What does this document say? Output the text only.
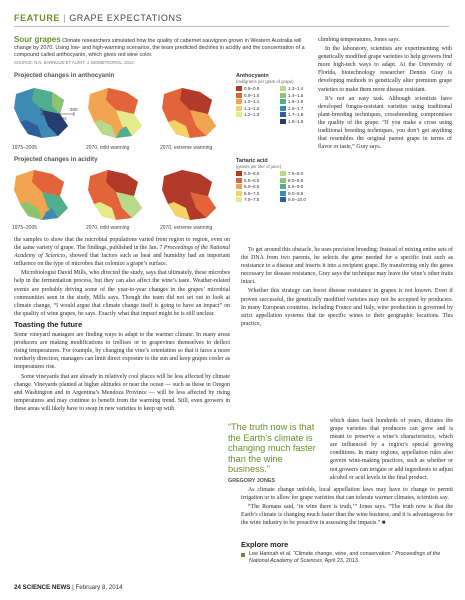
FEATURE | GRAPE EXPECTATIONS
Sour grapes Climate researchers simulated how the quality of cabernet sauvignon grown in Western Australia will change by 2070. Using low- and high-warming scenarios, the team predicted declines in acidity and the concentration of a compound called anthocyanin, which gives red wine color.
SOURCE: N.N. BARNUUD ET AL/INT. J. BIOMETEOROL. 2013
Projected changes in anthocyanin
0	200
kilometers
1975–2005	2070, mild warming	2070, extreme warming
Anthocyanin
(milligrams per gram of grape)
0.8–0.9	1.3–1.4
0.9–1.0	1.4–1.5
1.0–1.1	1.5–1.6
1.1–1.2	1.6–1.7
1.2–1.3	1.7–1.8
1.8–1.9
Projected changes in acidity
1975–2005	2070, mild warming	2070, extreme warming
Tartaric acid
(grams per liter of juice)
5.0–5.5	7.5–8.0
5.5–6.0	8.0–8.5
6.0–6.5	8.5–9.0
6.5–7.0	9.0–9.5
7.0–7.5	9.5–10.0

the samples to show that the microbial populations varied from region to region, even on the same variety of grape. The findings, published in the Jan. 7 Proceedings of the National Academy of Sciences, showed that factors such as heat and humidity had an important influence on the type of microbes that colonize a grape’s surface.

Microbiologist David Mills, who directed the study, says that ultimately, these microbes help in the fermentation process, but they can also affect the wine’s taste. Weather-related events are probably driving some of the year-to-year changes in the grapes’ microbial communities seen in the study, Mills says. Though the team did not set out to look at climate change, “I would argue that climate change itself is going to have an impact” on the quality of wine grapes, he says. Exactly what that impact might be is still unclear.

Toasting the future

Some vineyard managers are finding ways to adapt to the warmer climate. In many areas producers are making modifications to trellises or to grapevines themselves to deflect rising temperatures. For example, by changing the vine’s orientation so that it faces a more northerly direction, managers can limit direct exposure to the sun and keep grapes cooler as temperatures rise.

Some vineyards that are already in relatively cool places will be less affected by climate change. Vineyards planted at higher altitudes or near the ocean — such as those in Oregon and Washington and in Argentina’s Mendoza Province — will be less affected by rising temperatures and may continue to benefit from the warming trend. Still, even growers in these areas will likely have to swap in new varieties to keep up with

climbing temperatures, Jones says.

In the laboratory, scientists are experimenting with genetically modified grape varieties to help growers find more high-tech ways to adapt. At the University of Florida, biotechnology researcher Dennis Gray is developing methods to genetically alter premium grape varieties to make them more disease resistant.

It’s not an easy task. Although scientists have developed fungus-resistant varieties using traditional plant-breeding techniques, crossbreeding compromises the quality of the grape. “If you make a cross using traditional breeding techniques, you don’t get anything that resembles the original parent grape in terms of flavor or taste,” Gray says.

To get around this obstacle, he uses precision breeding: Instead of mixing entire sets of the DNA from two parents, he selects the gene needed for a specific trait such as resistance to a disease and inserts it into a recipient grape. By transferring only the genes necessary for disease resistance, Gray says the technique may leave the wine’s other traits intact.

Whether this strategy can boost disease resistance in grapes is not known. Even if proven successful, the genetically modified varieties may not be accepted by producers. In many European countries, including France and Italy, wine production is governed by strict appellation systems that tie specific wines to their geographic locations. This practice,

which dates back hundreds of years, dictates the grape varieties that producers can grow and is meant to preserve a wine’s characteristics, which are influenced by a region’s special growing conditions. In many regions, appellation rules also govern wine-making practices, such as whether or not growers can irrigate or add ingredients to adjust alcohol or acid levels in the final product.

“The truth now is that the Earth’s climate is changing much faster than the wine business.”
GREGORY JONES

As climate change unfolds, local appellation laws may have to change to permit irrigation or to allow for grape varieties that can tolerate warmer climates, scientists say.

“The Romans said, ‘in wine there is truth,’” Jones says. “The truth now is that the Earth’s climate is changing much faster than the wine business, and it is advantageous for the wine industry to be proactive in assessing the impacts.” ■

Explore more
Lee Hannah et al. “Climate change, wine, and conservation.” Proceedings of the National Academy of Sciences. April 23, 2013.
24 SCIENCE NEWS | February 8, 2014
